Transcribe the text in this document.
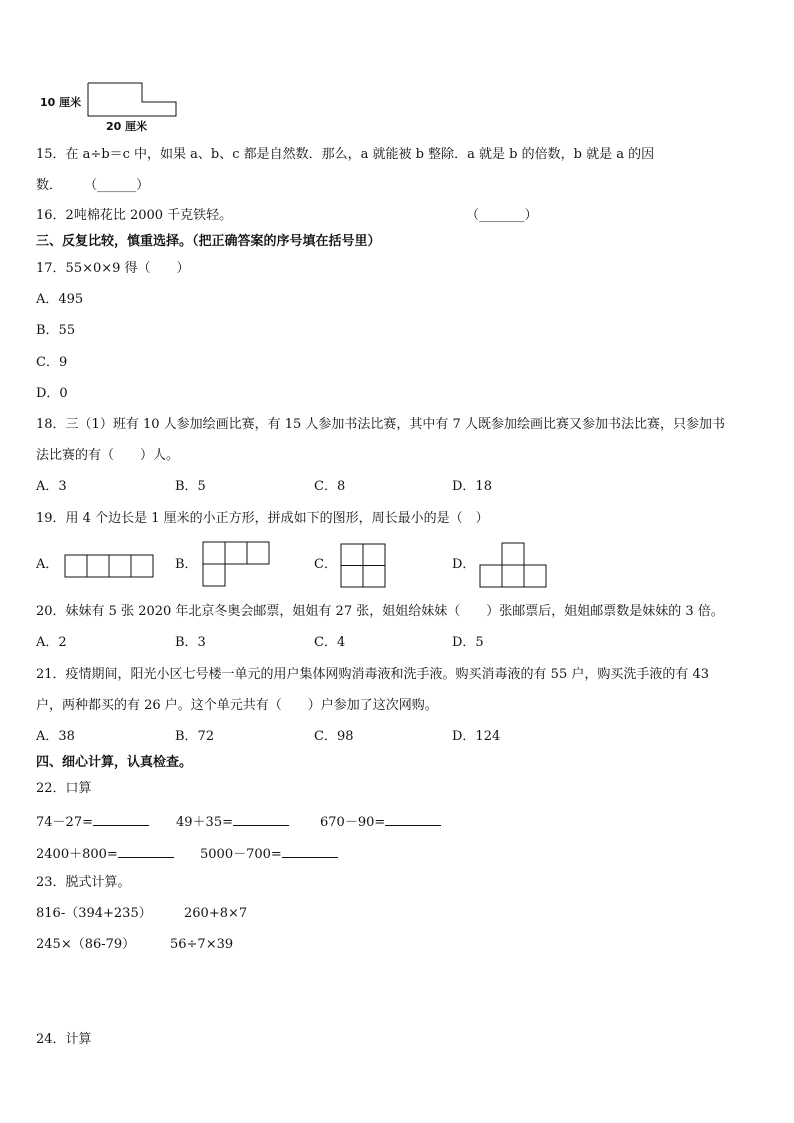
10 厘米
20 厘米
15．在 a÷b＝c 中，如果 a、b、c 都是自然数．那么，a 就能被 b 整除．a 就是 b 的倍数，b 就是 a 的因
数． （______）
16．2吨棉花比 2000 千克铁轻。	（_______）
三、反复比较，慎重选择。（把正确答案的序号填在括号里）
17．55×0×9 得（　　）
A．495
B．55
C．9
D．0
18．三（1）班有 10 人参加绘画比赛，有 15 人参加书法比赛，其中有 7 人既参加绘画比赛又参加书法比赛，只参加书
法比赛的有（　　）人。
A．3	B．5	C．8	D．18
19．用 4 个边长是 1 厘米的小正方形，拼成如下的图形，周长最小的是（　）
A．	B．	C．	D．
20．妹妹有 5 张 2020 年北京冬奥会邮票，姐姐有 27 张，姐姐给妹妹（　　）张邮票后，姐姐邮票数是妹妹的 3 倍。
A．2	B．3	C．4	D．5
21．疫情期间，阳光小区七号楼一单元的用户集体网购消毒液和洗手液。购买消毒液的有 55 户，购买洗手液的有 43
户，两种都买的有 26 户。这个单元共有（　　）户参加了这次网购。
A．38	B．72	C．98	D．124
四、细心计算，认真检查。
22．口算
74－27=	49＋35=	670－90=
2400＋800=	5000－700=
23．脱式计算。
816-（394+235） 260+8×7
245×（86-79）	56÷7×39
24．计算
